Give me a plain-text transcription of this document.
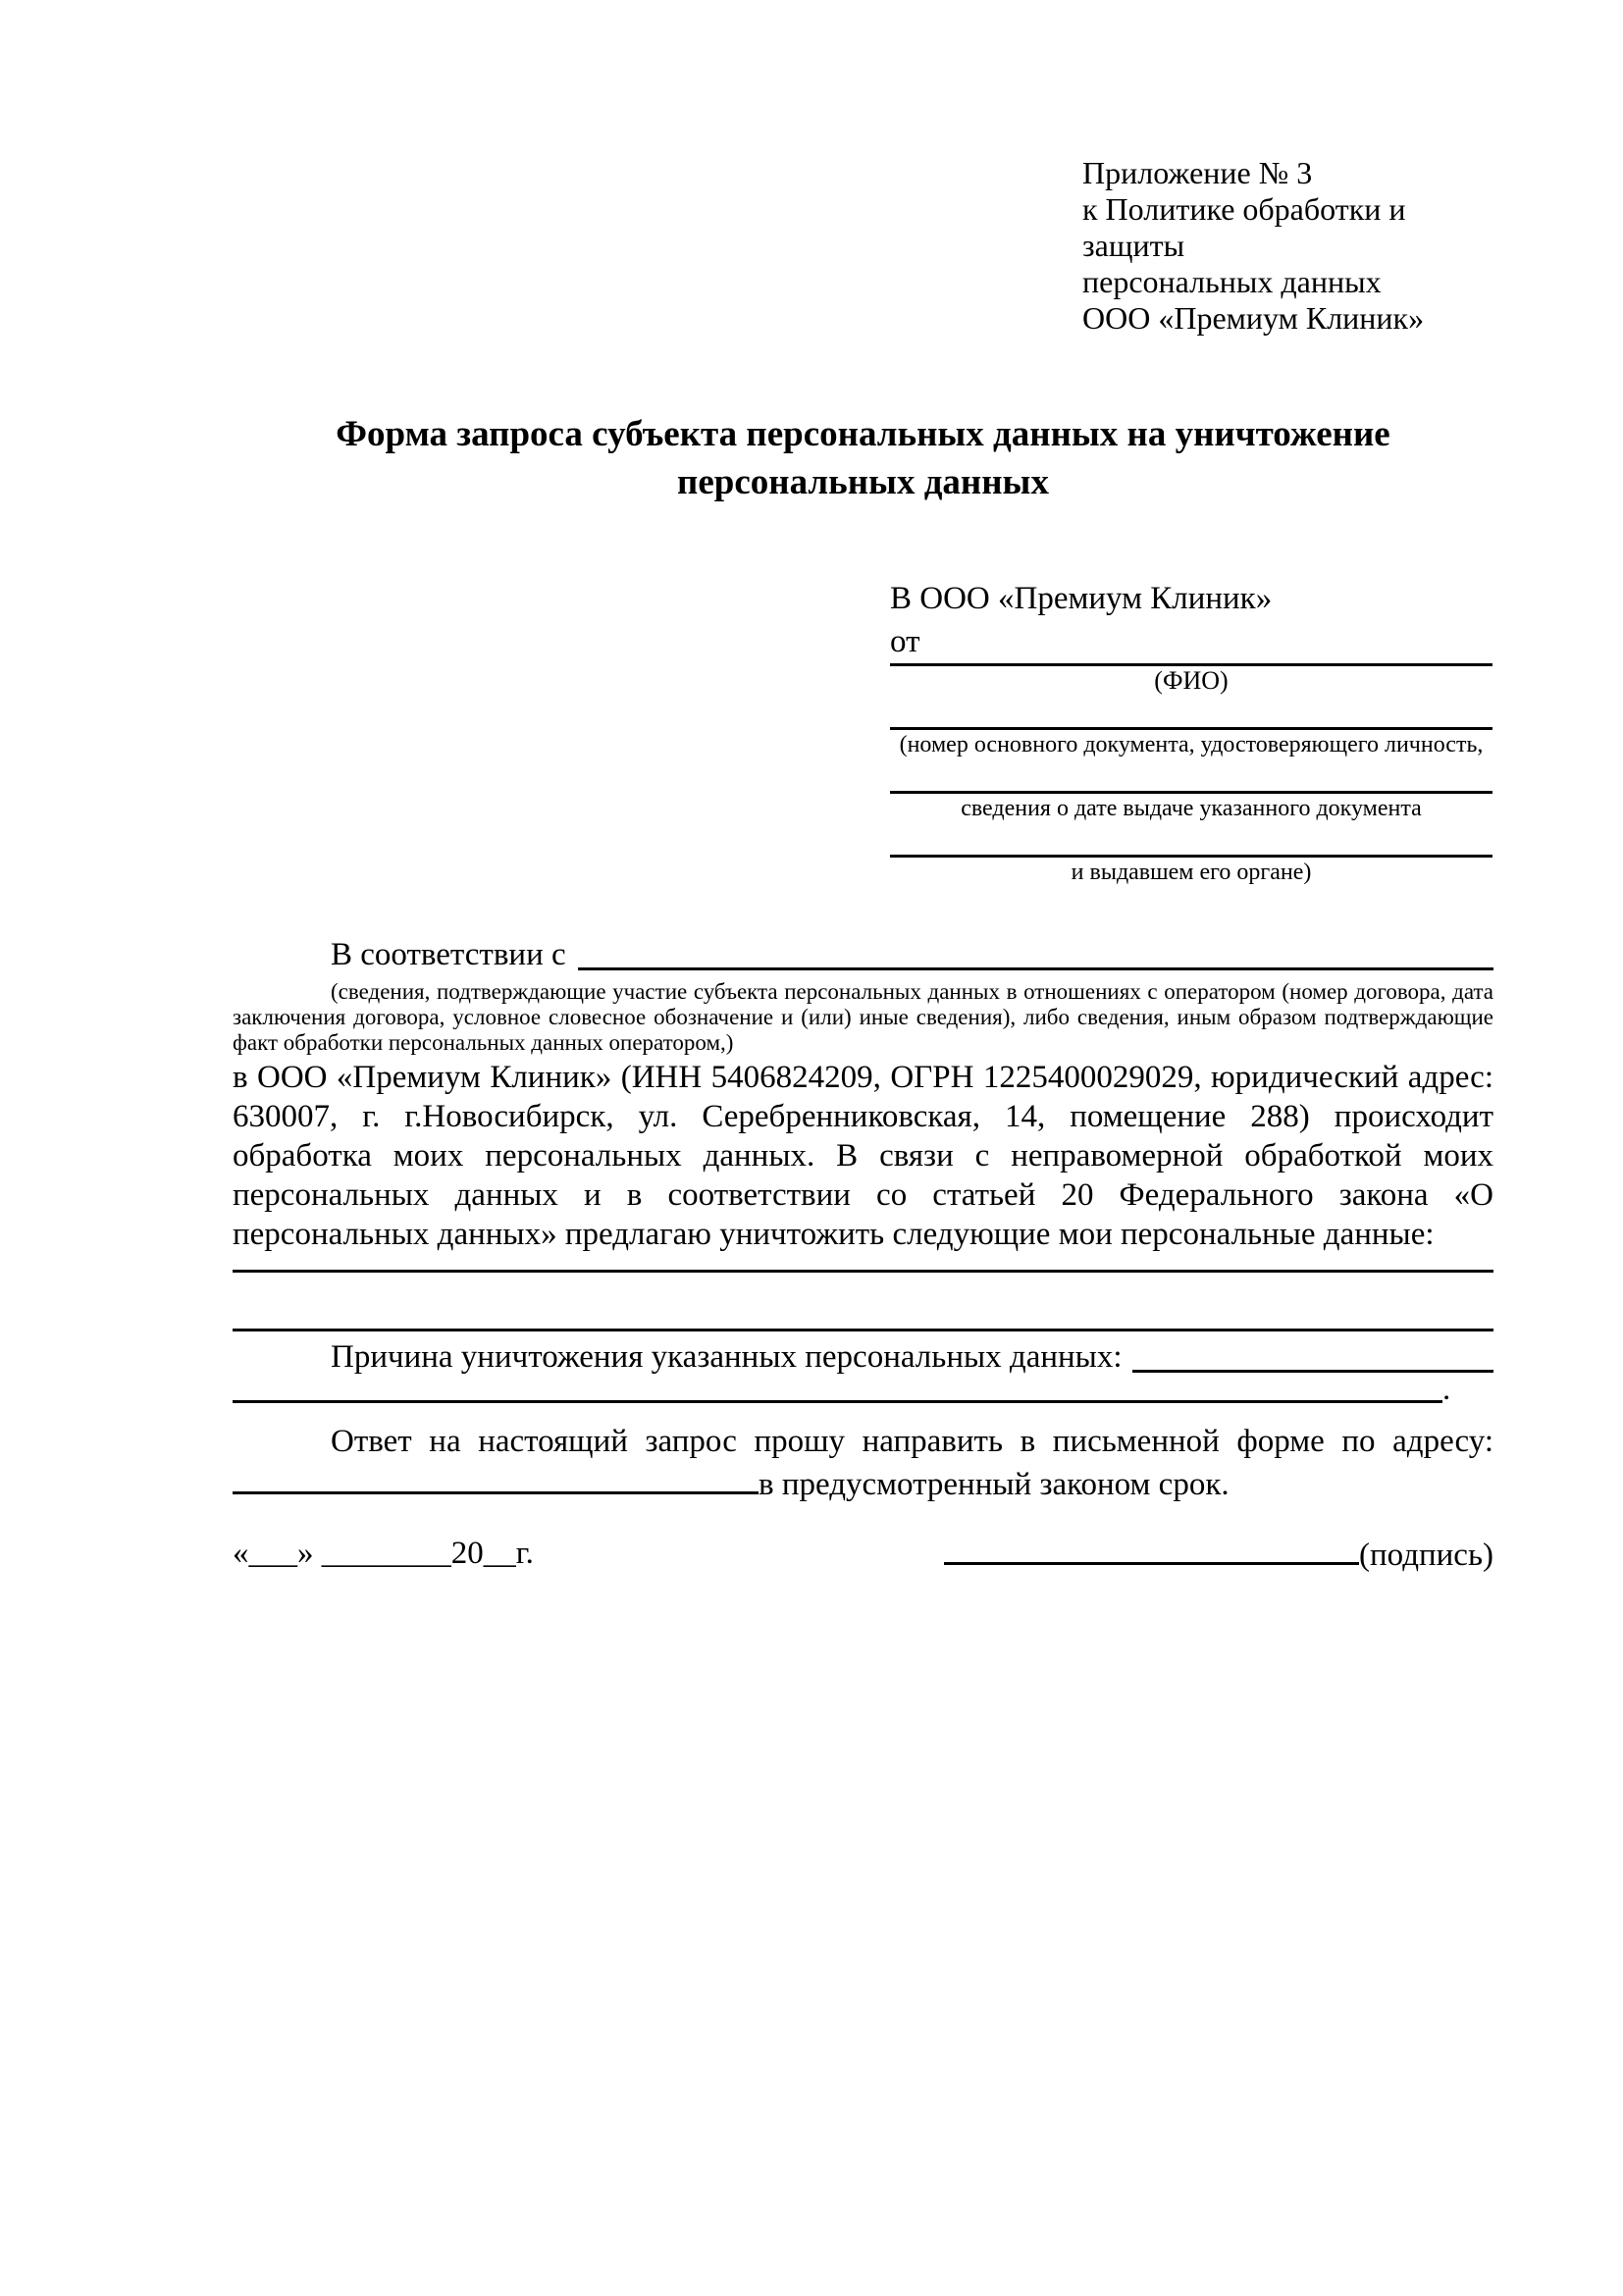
Приложение № 3
к Политике обработки и защиты
персональных данных
ООО «Премиум Клиник»
Форма запроса субъекта персональных данных на уничтожение персональных данных
В ООО «Премиум Клиник»
от
(ФИО)
(номер основного документа, удостоверяющего личность,
сведения о дате выдаче указанного документа
и выдавшем его органе)
В соответствии с
(сведения, подтверждающие участие субъекта персональных данных в отношениях с оператором (номер договора, дата заключения договора, условное словесное обозначение и (или) иные сведения), либо сведения, иным образом подтверждающие факт обработки персональных данных оператором,)
в ООО «Премиум Клиник» (ИНН 5406824209, ОГРН 1225400029029, юридический адрес: 630007, г. г.Новосибирск, ул. Серебренниковская, 14, помещение 288) происходит обработка моих персональных данных. В связи с неправомерной обработкой моих персональных данных и в соответствии со статьей 20 Федерального закона «О персональных данных» предлагаю уничтожить следующие мои персональные данные:
Причина уничтожения указанных персональных данных:
.
Ответ на настоящий запрос прошу направить в письменной форме по адресу: в предусмотренный законом срок.
«___» ________20__г.	(подпись)
